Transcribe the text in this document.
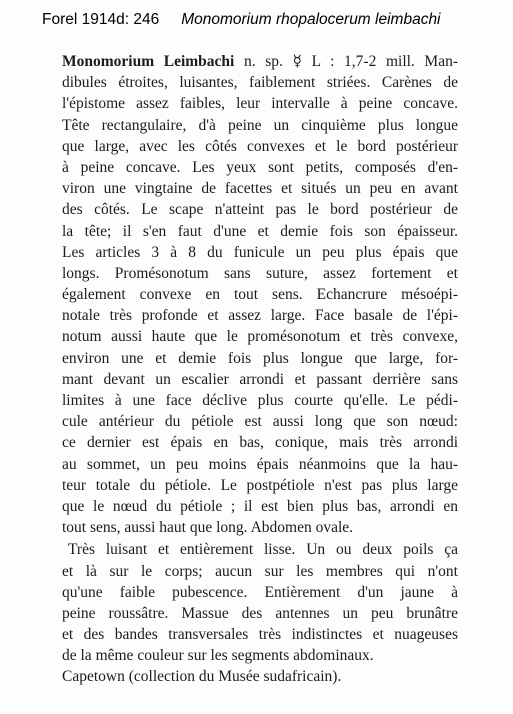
Forel 1914d: 246 Monomorium rhopalocerum leimbachi
Monomorium Leimbachi n. sp. ☿ L : 1,7-2 mill. Man-
dibules étroites, luisantes, faiblement striées. Carènes de
l'épistome assez faibles, leur intervalle à peine concave.
Tête rectangulaire, d'à peine un cinquième plus longue
que large, avec les côtés convexes et le bord postérieur
à peine concave. Les yeux sont petits, composés d'en-
viron une vingtaine de facettes et situés un peu en avant
des côtés. Le scape n'atteint pas le bord postérieur de
la tête; il s'en faut d'une et demie fois son épaisseur.
Les articles 3 à 8 du funicule un peu plus épais que
longs. Promésonotum sans suture, assez fortement et
également convexe en tout sens. Echancrure mésoépi-
notale très profonde et assez large. Face basale de l'épi-
notum aussi haute que le promésonotum et très convexe,
environ une et demie fois plus longue que large, for-
mant devant un escalier arrondi et passant derrière sans
limites à une face déclive plus courte qu'elle. Le pédi-
cule antérieur du pétiole est aussi long que son nœud:
ce dernier est épais en bas, conique, mais très arrondi
au sommet, un peu moins épais néanmoins que la hau-
teur totale du pétiole. Le postpétiole n'est pas plus large
que le nœud du pétiole ; il est bien plus bas, arrondi en
tout sens, aussi haut que long. Abdomen ovale.
Très luisant et entièrement lisse. Un ou deux poils ça
et là sur le corps; aucun sur les membres qui n'ont
qu'une faible pubescence. Entièrement d'un jaune à
peine roussâtre. Massue des antennes un peu brunâtre
et des bandes transversales très indistinctes et nuageuses
de la même couleur sur les segments abdominaux.
Capetown (collection du Musée sudafricain).
